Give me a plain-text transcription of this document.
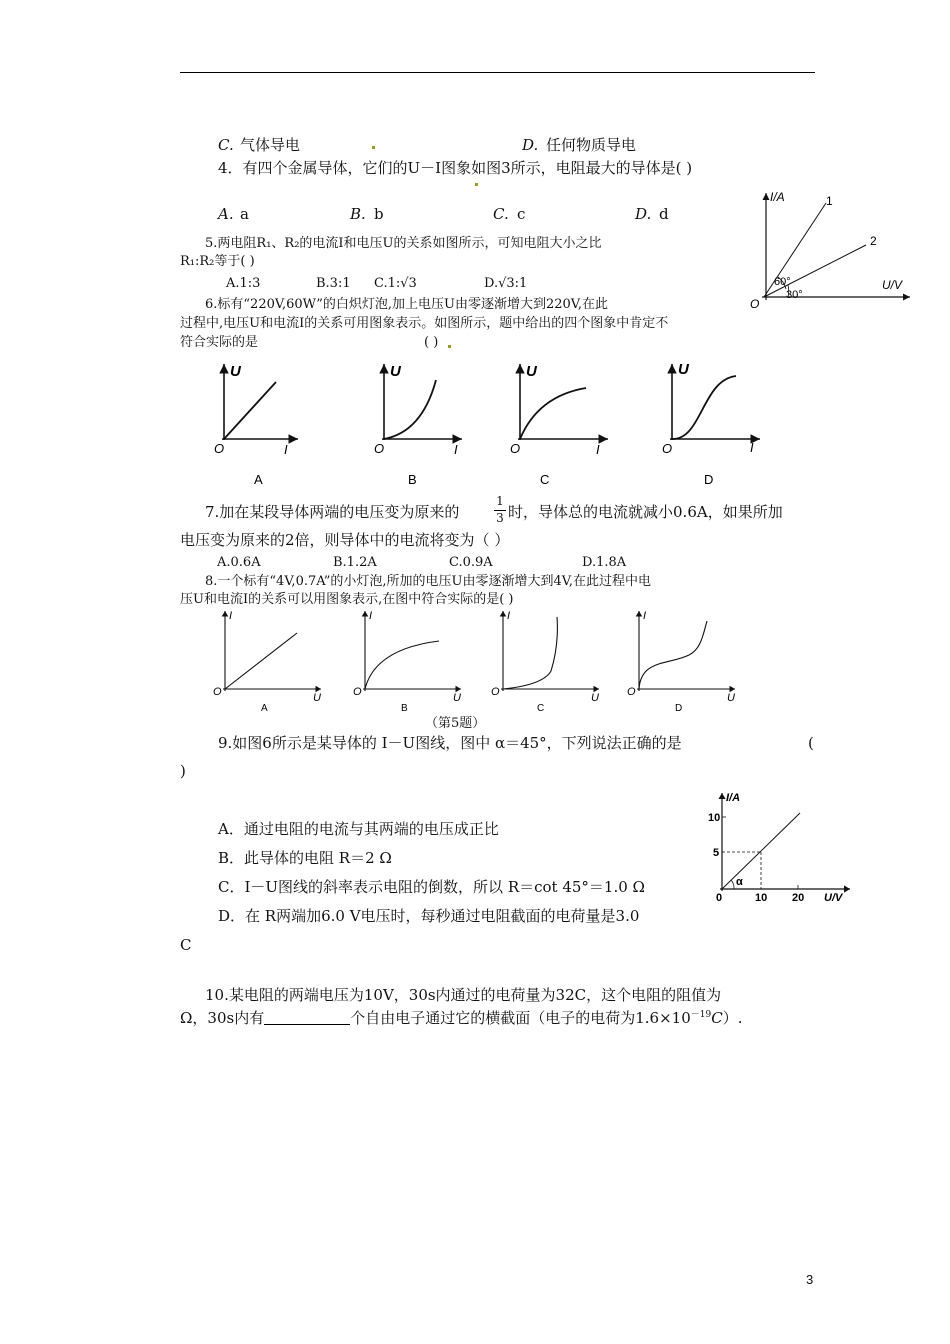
C. 气体导电	D. 任何物质导电
4．有四个金属导体，它们的U－I图象如图3所示，电阻最大的导体是( )
A. a	B. b	C. c	D. d
I/A
U/V
O
1
2
60°
30°
5.两电阻R₁、R₂的电流I和电压U的关系如图所示，可知电阻大小之比
R₁:R₂等于( )
A.1:3	B.3:1 C.1:√3	D.√3:1
6.标有“220V,60W”的白炽灯泡,加上电压U由零逐渐增大到220V,在此
过程中,电压U和电流I的关系可用图象表示。如图所示，题中给出的四个图象中肯定不
符合实际的是	( )
U
I
O
A
U
I
O
B
U
I
O
C
U
I
O
D
7.加在某段导体两端的电压变为原来的
1
3 时，导体总的电流就减小0.6A，如果所加
电压变为原来的2倍，则导体中的电流将变为（ ）
A.0.6A	B.1.2A	C.0.9A	D.1.8A
8.一个标有“4V,0.7A”的小灯泡,所加的电压U由零逐渐增大到4V,在此过程中电
压U和电流I的关系可以用图象表示,在图中符合实际的是( )
I
U
O
A
I
U
O
B
I
U
O
C
I
U
O
D
（第5题）
9.如图6所示是某导体的 I－U图线，图中 α＝45°，下列说法正确的是	(
)
I/A
U/V
0
10
5
10 20
α
A．通过电阻的电流与其两端的电压成正比
B．此导体的电阻 R＝2 Ω
C．I－U图线的斜率表示电阻的倒数，所以 R＝cot 45°＝1.0 Ω
D．在 R两端加6.0 V电压时，每秒通过电阻截面的电荷量是3.0
C
10.某电阻的两端电压为10V，30s内通过的电荷量为32C，这个电阻的阻值为
Ω，30s内有	个自由电子通过它的横截面（电子的电荷为$1.6\times 10^{-19}C$）.
3
